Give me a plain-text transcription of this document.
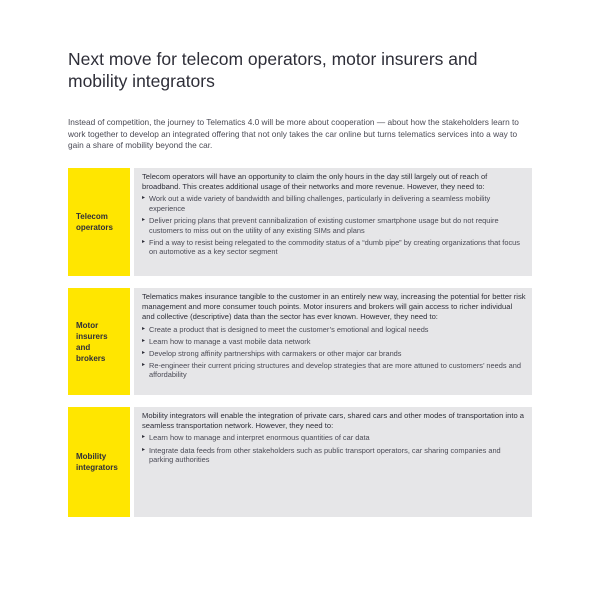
Next move for telecom operators, motor insurers and mobility integrators

Instead of competition, the journey to Telematics 4.0 will be more about cooperation — about how the stakeholders learn to work together to develop an integrated offering that not only takes the car online but turns telematics services into a way to gain a share of mobility beyond the car.

Telecom
operators

Telecom operators will have an opportunity to claim the only hours in the day still largely out of reach of broadband. This creates additional usage of their networks and more revenue. However, they need to:

▸ Work out a wide variety of bandwidth and billing challenges, particularly in delivering a seamless mobility experience
▸ Deliver pricing plans that prevent cannibalization of existing customer smartphone usage but do not require customers to miss out on the utility of any existing SIMs and plans
▸ Find a way to resist being relegated to the commodity status of a “dumb pipe” by creating organizations that focus on automotive as a key sector segment
Motor
insurers
and
brokers

Telematics makes insurance tangible to the customer in an entirely new way, increasing the potential for better risk management and more consumer touch points. Motor insurers and brokers will gain access to richer individual and collective (descriptive) data than the sector has ever known. However, they need to:

▸ Create a product that is designed to meet the customer’s emotional and logical needs
▸ Learn how to manage a vast mobile data network
▸ Develop strong affinity partnerships with carmakers or other major car brands
▸ Re-engineer their current pricing structures and develop strategies that are more attuned to customers’ needs and affordability
Mobility
integrators

Mobility integrators will enable the integration of private cars, shared cars and other modes of transportation into a seamless transportation network. However, they need to:

▸ Learn how to manage and interpret enormous quantities of car data
▸ Integrate data feeds from other stakeholders such as public transport operators, car sharing companies and parking authorities
